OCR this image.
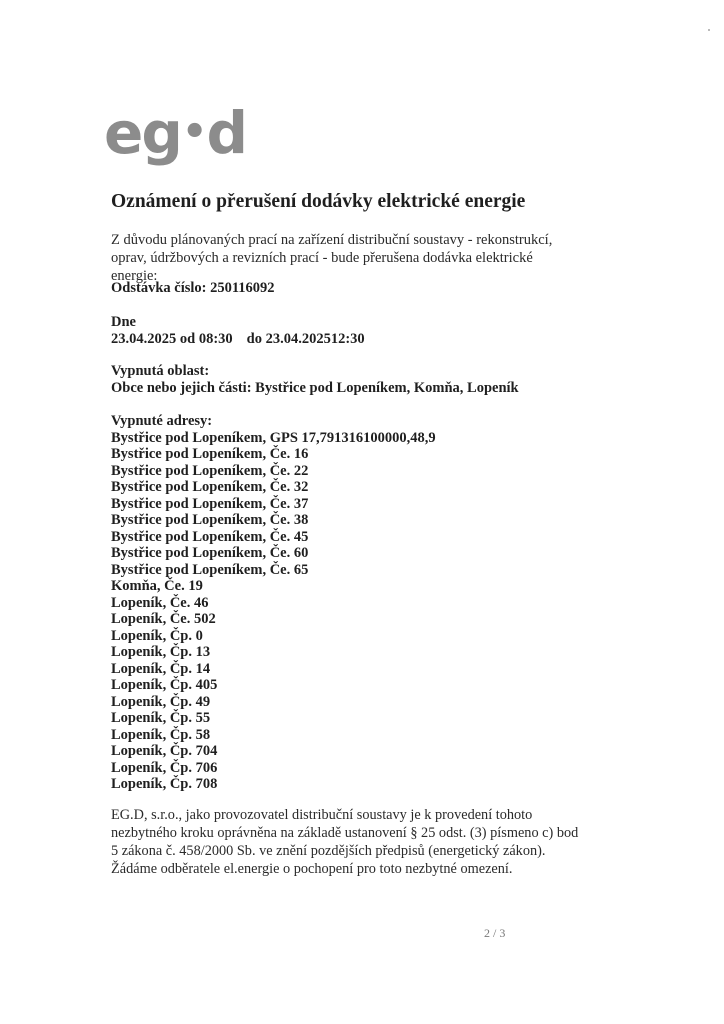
eg•d
Oznámení o přerušení dodávky elektrické energie
Z důvodu plánovaných prací na zařízení distribuční soustavy - rekonstrukcí, oprav, údržbových a revizních prací - bude přerušena dodávka elektrické energie:
Odstávka číslo: 250116092
Dne
23.04.2025 od 08:30 do 23.04.202512:30
Vypnutá oblast:
Obce nebo jejich části: Bystřice pod Lopeníkem, Komňa, Lopeník
Vypnuté adresy:
Bystřice pod Lopeníkem, GPS 17,791316100000,48,9
Bystřice pod Lopeníkem, Če. 16
Bystřice pod Lopeníkem, Če. 22
Bystřice pod Lopeníkem, Če. 32
Bystřice pod Lopeníkem, Če. 37
Bystřice pod Lopeníkem, Če. 38
Bystřice pod Lopeníkem, Če. 45
Bystřice pod Lopeníkem, Če. 60
Bystřice pod Lopeníkem, Če. 65
Komňa, Če. 19
Lopeník, Če. 46
Lopeník, Če. 502
Lopeník, Čp. 0
Lopeník, Čp. 13
Lopeník, Čp. 14
Lopeník, Čp. 405
Lopeník, Čp. 49
Lopeník, Čp. 55
Lopeník, Čp. 58
Lopeník, Čp. 704
Lopeník, Čp. 706
Lopeník, Čp. 708
EG.D, s.r.o., jako provozovatel distribuční soustavy je k provedení tohoto nezbytného kroku oprávněna na základě ustanovení § 25 odst. (3) písmeno c) bod 5 zákona č. 458/2000 Sb. ve znění pozdějších předpisů (energetický zákon). Žádáme odběratele el.energie o pochopení pro toto nezbytné omezení.
2 / 3
